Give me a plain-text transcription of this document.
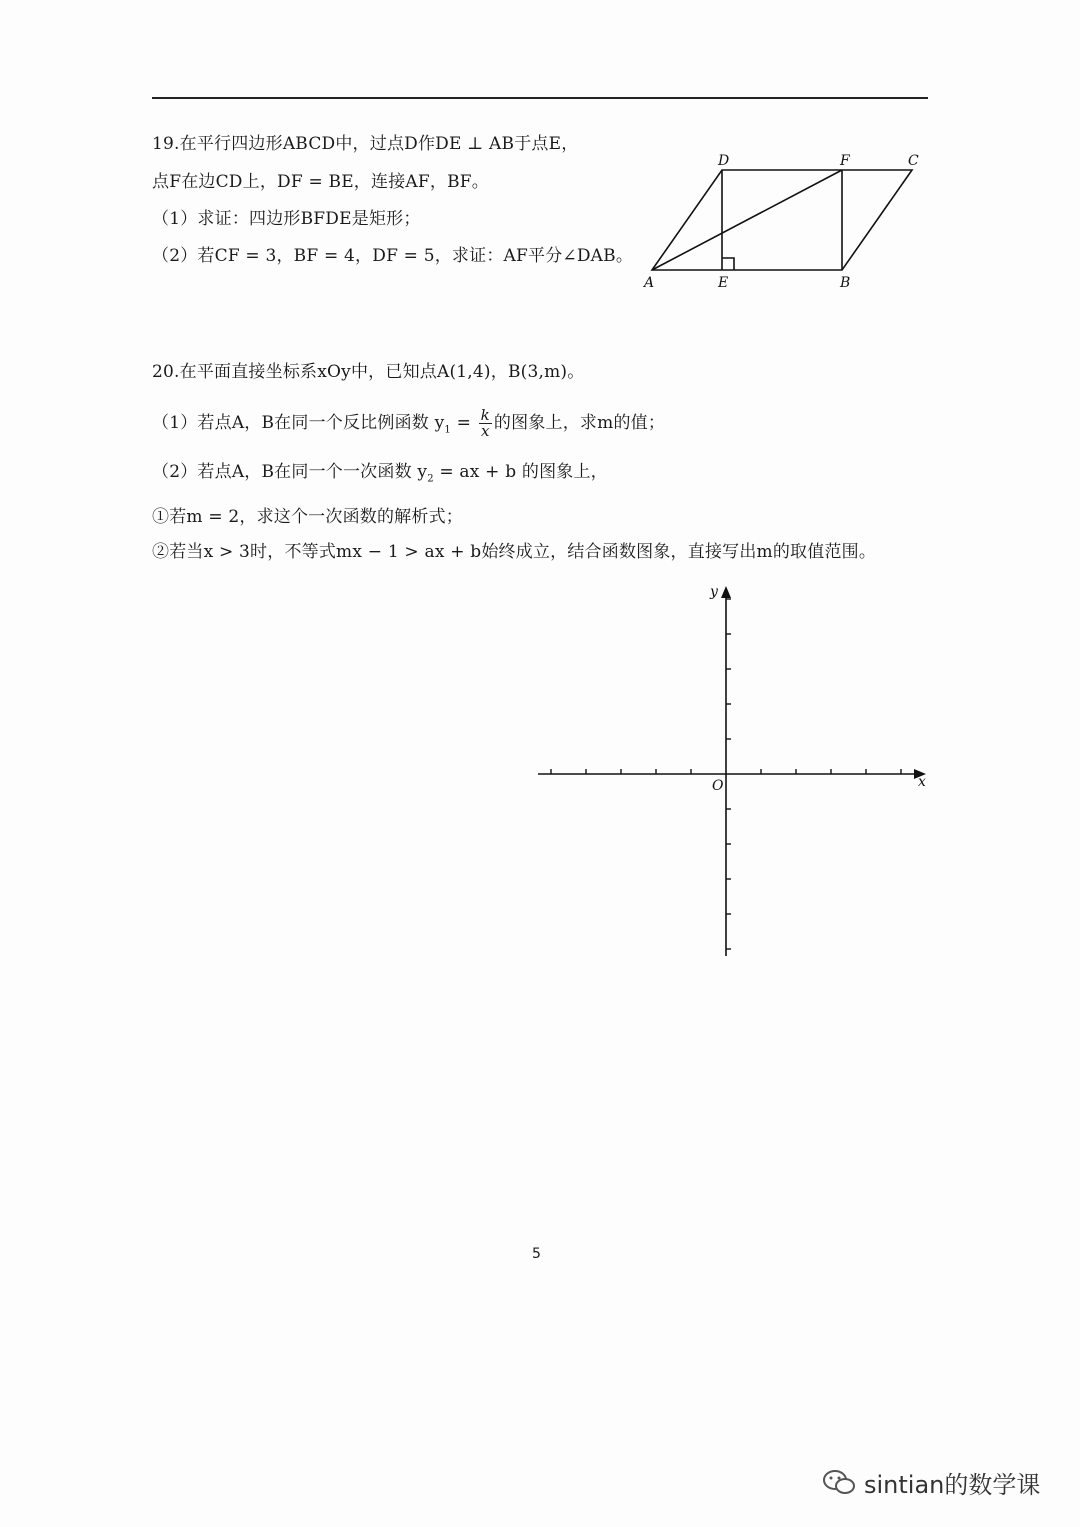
19.在平行四边形ABCD中，过点D作DE ⊥ AB于点E，
点F在边CD上，DF = BE，连接AF，BF。
（1）求证：四边形BFDE是矩形；
（2）若CF = 3，BF = 4，DF = 5，求证：AF平分∠DAB。
A	E	B
D	F	C
20.在平面直接坐标系xOy中，已知点A(1,4)，B(3,m)。
（1）若点A，B在同一个反比例函数 $y_1 = \frac{k}{x}$ 的图象上，求m的值；
（2）若点A，B在同一个一次函数 $y_2$ = ax + b 的图象上，
①若m = 2，求这个一次函数的解析式；
②若当x > 3时，不等式mx − 1 > ax + b始终成立，结合函数图象，直接写出m的取值范围。
x
y
O
5
sintian的数学课
